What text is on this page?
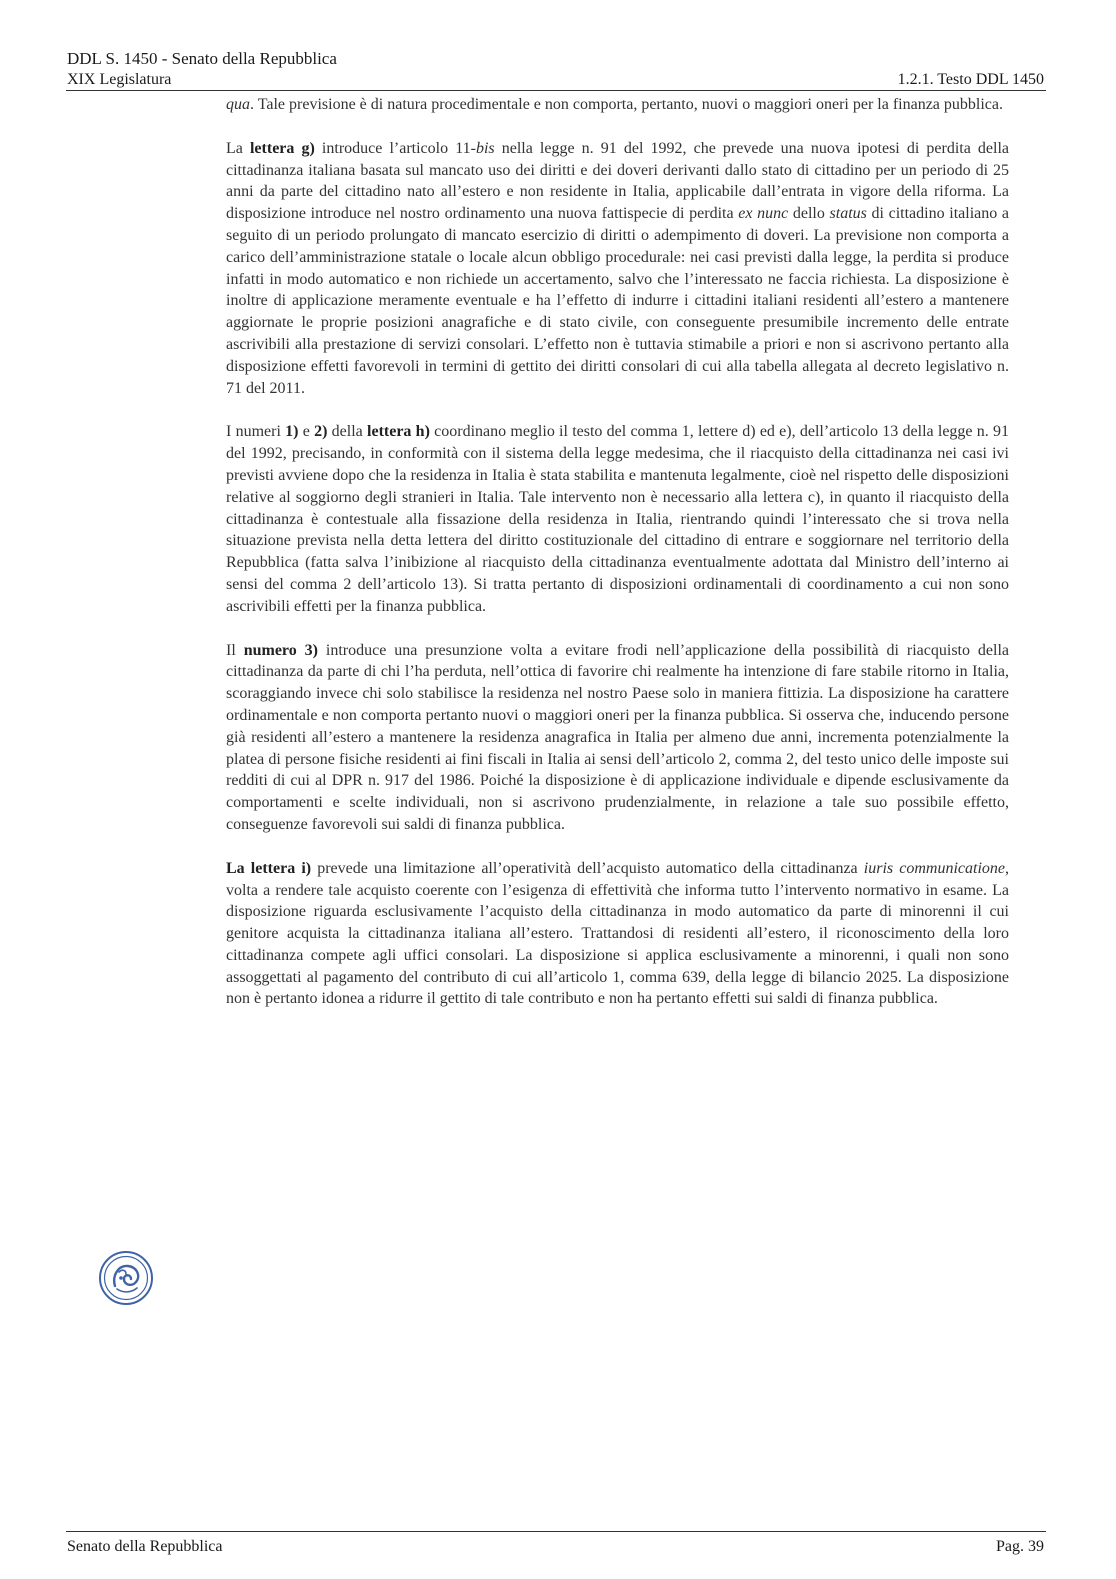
DDL S. 1450 - Senato della Repubblica
XIX Legislatura	1.2.1. Testo DDL 1450

qua. Tale previsione è di natura procedimentale e non comporta, pertanto, nuovi o maggiori oneri per la finanza pubblica.

La lettera g) introduce l’articolo 11-bis nella legge n. 91 del 1992, che prevede una nuova ipotesi di perdita della cittadinanza italiana basata sul mancato uso dei diritti e dei doveri derivanti dallo stato di cittadino per un periodo di 25 anni da parte del cittadino nato all’estero e non residente in Italia, applicabile dall’entrata in vigore della riforma. La disposizione introduce nel nostro ordinamento una nuova fattispecie di perdita ex nunc dello status di cittadino italiano a seguito di un periodo prolungato di mancato esercizio di diritti o adempimento di doveri. La previsione non comporta a carico dell’amministrazione statale o locale alcun obbligo procedurale: nei casi previsti dalla legge, la perdita si produce infatti in modo automatico e non richiede un accertamento, salvo che l’interessato ne faccia richiesta. La disposizione è inoltre di applicazione meramente eventuale e ha l’effetto di indurre i cittadini italiani residenti all’estero a mantenere aggiornate le proprie posizioni anagrafiche e di stato civile, con conseguente presumibile incremento delle entrate ascrivibili alla prestazione di servizi consolari. L’effetto non è tuttavia stimabile a priori e non si ascrivono pertanto alla disposizione effetti favorevoli in termini di gettito dei diritti consolari di cui alla tabella allegata al decreto legislativo n. 71 del 2011.

I numeri 1) e 2) della lettera h) coordinano meglio il testo del comma 1, lettere d) ed e), dell’articolo 13 della legge n. 91 del 1992, precisando, in conformità con il sistema della legge medesima, che il riacquisto della cittadinanza nei casi ivi previsti avviene dopo che la residenza in Italia è stata stabilita e mantenuta legalmente, cioè nel rispetto delle disposizioni relative al soggiorno degli stranieri in Italia. Tale intervento non è necessario alla lettera c), in quanto il riacquisto della cittadinanza è contestuale alla fissazione della residenza in Italia, rientrando quindi l’interessato che si trova nella situazione prevista nella detta lettera del diritto costituzionale del cittadino di entrare e soggiornare nel territorio della Repubblica (fatta salva l’inibizione al riacquisto della cittadinanza eventualmente adottata dal Ministro dell’interno ai sensi del comma 2 dell’articolo 13). Si tratta pertanto di disposizioni ordinamentali di coordinamento a cui non sono ascrivibili effetti per la finanza pubblica.

Il numero 3) introduce una presunzione volta a evitare frodi nell’applicazione della possibilità di riacquisto della cittadinanza da parte di chi l’ha perduta, nell’ottica di favorire chi realmente ha intenzione di fare stabile ritorno in Italia, scoraggiando invece chi solo stabilisce la residenza nel nostro Paese solo in maniera fittizia. La disposizione ha carattere ordinamentale e non comporta pertanto nuovi o maggiori oneri per la finanza pubblica. Si osserva che, inducendo persone già residenti all’estero a mantenere la residenza anagrafica in Italia per almeno due anni, incrementa potenzialmente la platea di persone fisiche residenti ai fini fiscali in Italia ai sensi dell’articolo 2, comma 2, del testo unico delle imposte sui redditi di cui al DPR n. 917 del 1986. Poiché la disposizione è di applicazione individuale e dipende esclusivamente da comportamenti e scelte individuali, non si ascrivono prudenzialmente, in relazione a tale suo possibile effetto, conseguenze favorevoli sui saldi di finanza pubblica.

La lettera i) prevede una limitazione all’operatività dell’acquisto automatico della cittadinanza iuris communicatione, volta a rendere tale acquisto coerente con l’esigenza di effettività che informa tutto l’intervento normativo in esame. La disposizione riguarda esclusivamente l’acquisto della cittadinanza in modo automatico da parte di minorenni il cui genitore acquista la cittadinanza italiana all’estero. Trattandosi di residenti all’estero, il riconoscimento della loro cittadinanza compete agli uffici consolari. La disposizione si applica esclusivamente a minorenni, i quali non sono assoggettati al pagamento del contributo di cui all’articolo 1, comma 639, della legge di bilancio 2025. La disposizione non è pertanto idonea a ridurre il gettito di tale contributo e non ha pertanto effetti sui saldi di finanza pubblica.

Senato della Repubblica	Pag. 39
